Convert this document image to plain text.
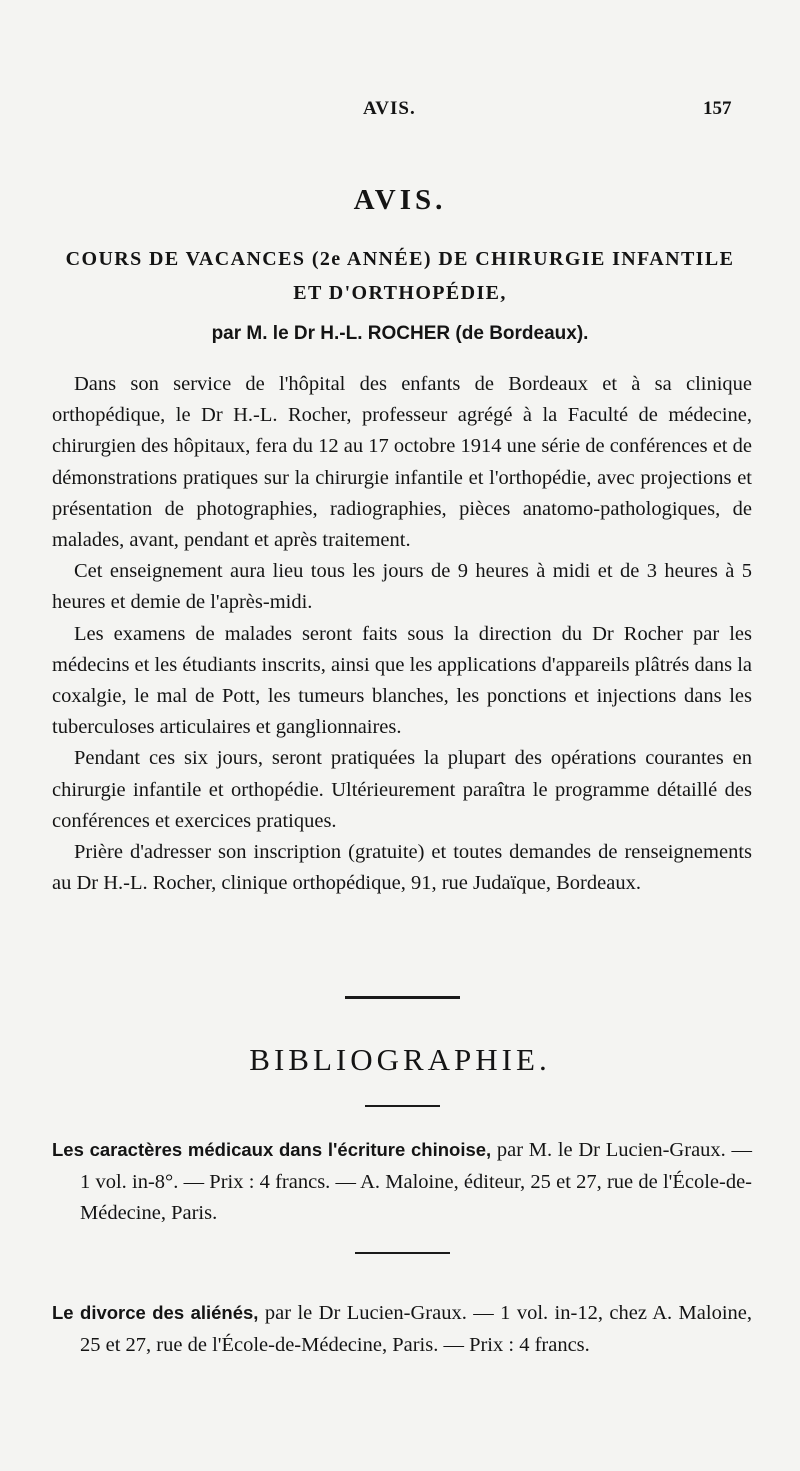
AVIS.	157
AVIS.
COURS DE VACANCES (2e ANNÉE) DE CHIRURGIE INFANTILE
ET D'ORTHOPÉDIE,
par M. le Dr H.-L. ROCHER (de Bordeaux).

Dans son service de l'hôpital des enfants de Bordeaux et à sa clinique orthopédique, le Dr H.-L. Rocher, professeur agrégé à la Faculté de médecine, chirurgien des hôpitaux, fera du 12 au 17 octobre 1914 une série de conférences et de démonstrations pratiques sur la chirurgie infantile et l'orthopédie, avec projections et présentation de photographies, radiographies, pièces anatomo-pathologiques, de malades, avant, pendant et après traitement.

Cet enseignement aura lieu tous les jours de 9 heures à midi et de 3 heures à 5 heures et demie de l'après-midi.

Les examens de malades seront faits sous la direction du Dr Rocher par les médecins et les étudiants inscrits, ainsi que les applications d'appareils plâtrés dans la coxalgie, le mal de Pott, les tumeurs blanches, les ponctions et injections dans les tuberculoses articulaires et ganglionnaires.

Pendant ces six jours, seront pratiquées la plupart des opérations courantes en chirurgie infantile et orthopédie. Ultérieurement paraîtra le programme détaillé des conférences et exercices pratiques.

Prière d'adresser son inscription (gratuite) et toutes demandes de renseignements au Dr H.-L. Rocher, clinique orthopédique, 91, rue Judaïque, Bordeaux.

BIBLIOGRAPHIE.
Les caractères médicaux dans l'écriture chinoise, par M. le Dr Lucien-Graux. — 1 vol. in-8°. — Prix : 4 francs. — A. Maloine, éditeur, 25 et 27, rue de l'École-de-Médecine, Paris.
Le divorce des aliénés, par le Dr Lucien-Graux. — 1 vol. in-12, chez A. Maloine, 25 et 27, rue de l'École-de-Médecine, Paris. — Prix : 4 francs.
